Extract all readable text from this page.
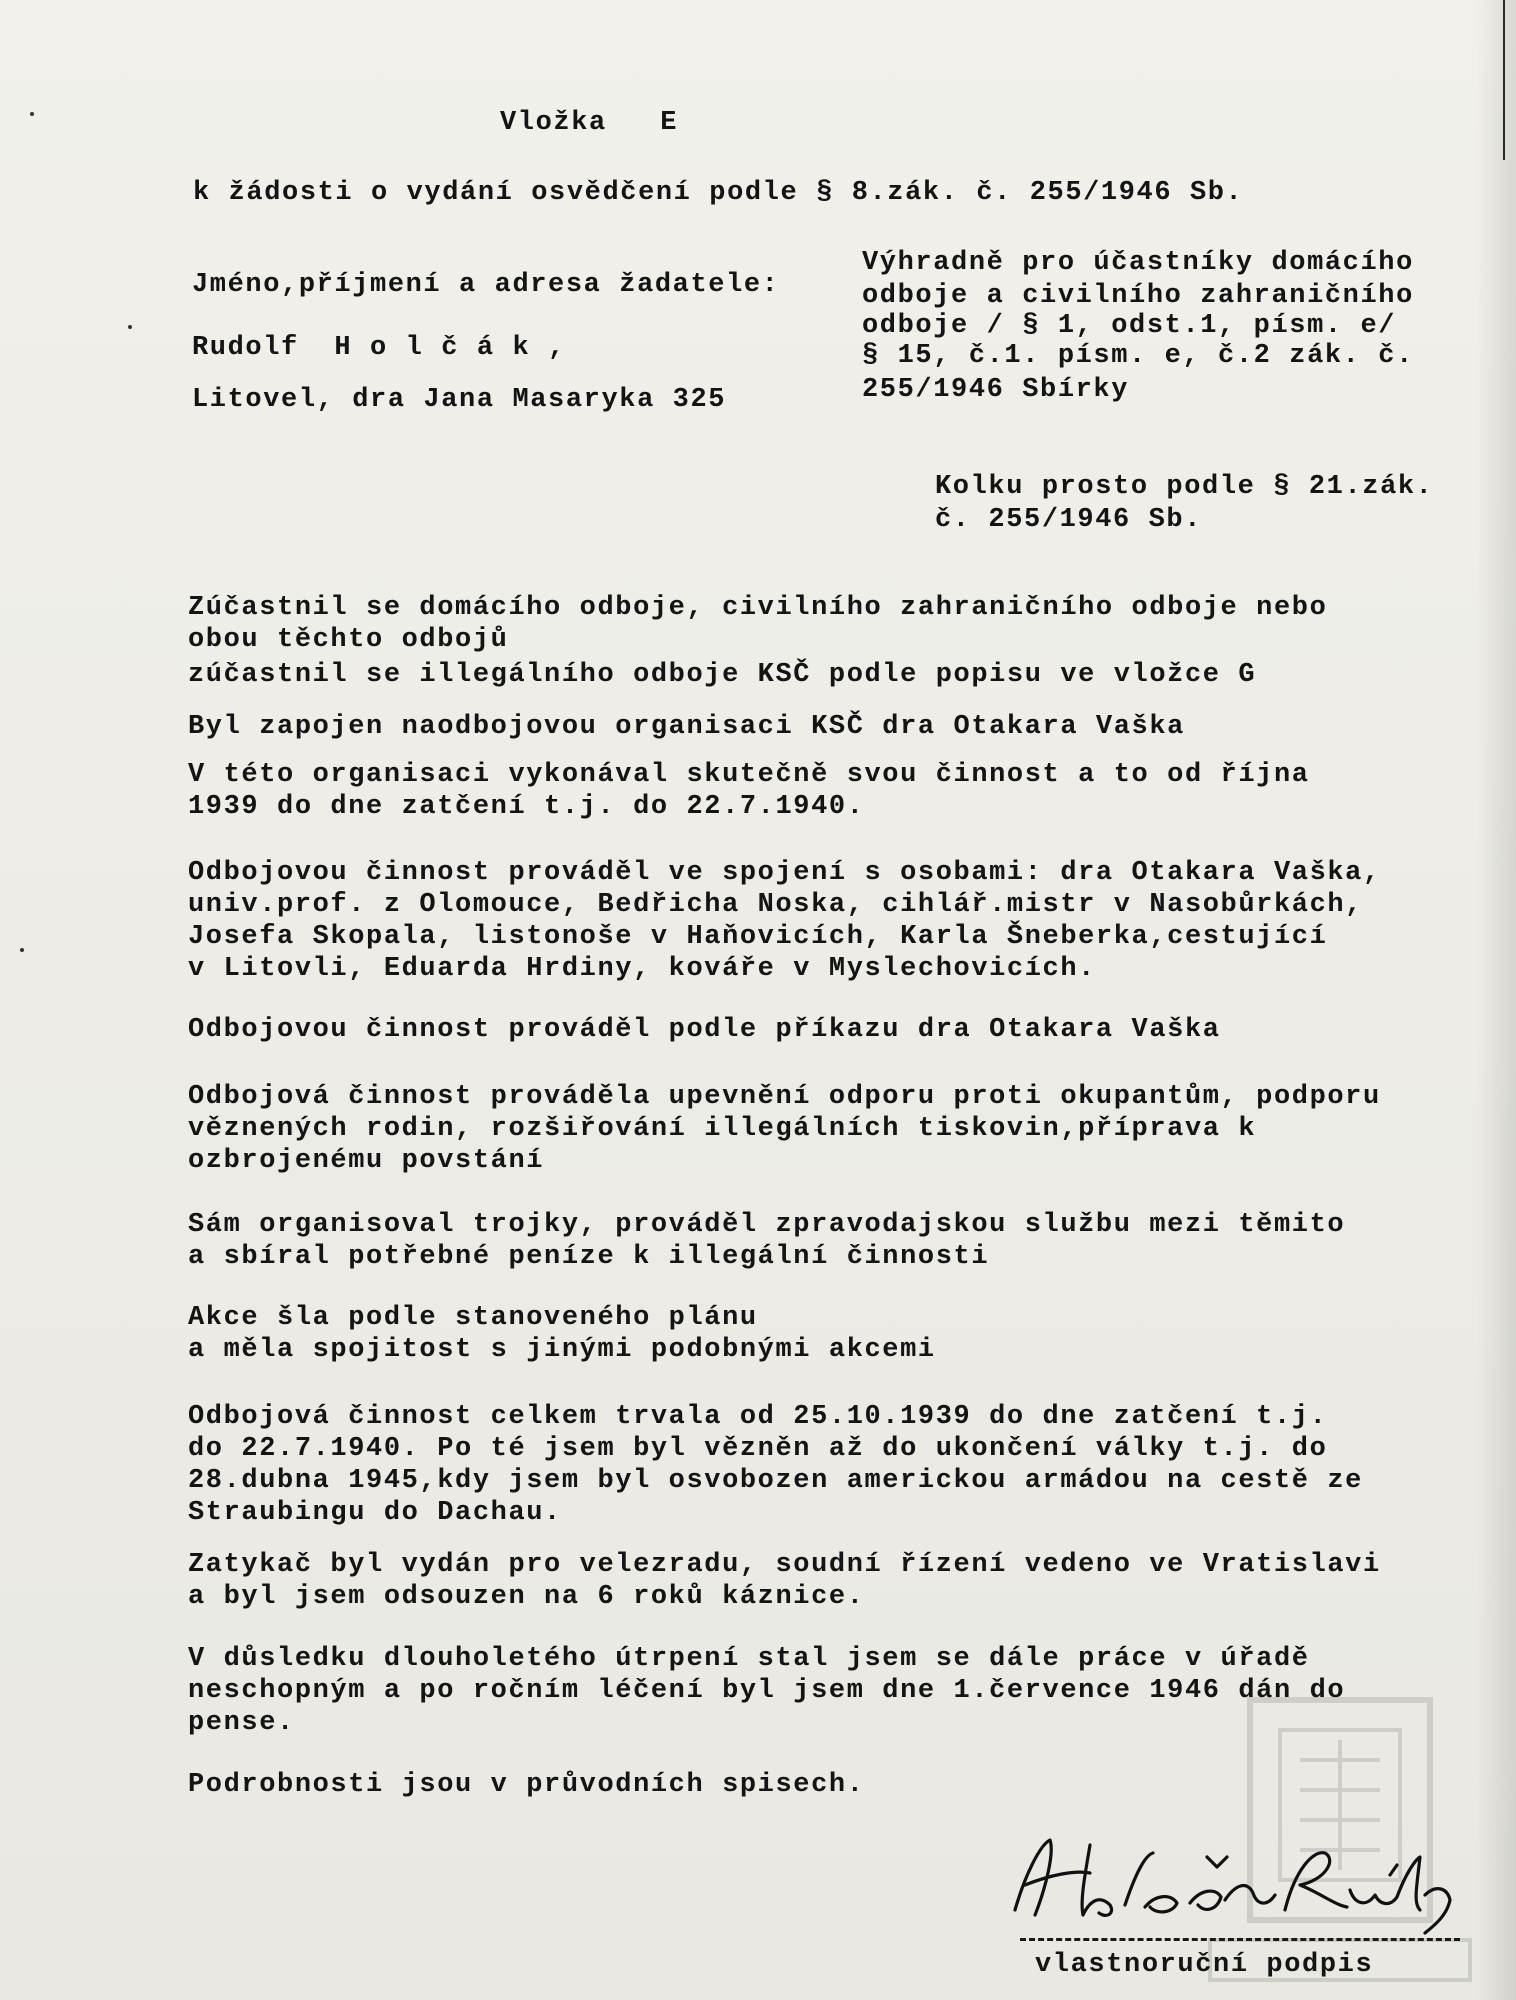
Vložka E
k žádosti o vydání osvědčení podle § 8.zák. č. 255/1946 Sb.
Jméno,příjmení a adresa žadatele:
Rudolf  H o l č á k ,
Litovel, dra Jana Masaryka 325
Výhradně pro účastníky domácího
odboje a civilního zahraničního
odboje / § 1, odst.1, písm. e/
§ 15, č.1. písm. e, č.2 zák. č.
255/1946 Sbírky
Kolku prosto podle § 21.zák.
č. 255/1946 Sb.
Zúčastnil se domácího odboje, civilního zahraničního odboje nebo
obou těchto odbojů
zúčastnil se illegálního odboje KSČ podle popisu ve vložce G
Byl zapojen naodbojovou organisaci KSČ dra Otakara Vaška
V této organisaci vykonával skutečně svou činnost a to od října
1939 do dne zatčení t.j. do 22.7.1940.
Odbojovou činnost prováděl ve spojení s osobami: dra Otakara Vaška,
univ.prof. z Olomouce, Bedřicha Noska, cihlář.mistr v Nasobůrkách,
Josefa Skopala, listonoše v Haňovicích, Karla Šneberka,cestující
v Litovli, Eduarda Hrdiny, kováře v Myslechovicích.
Odbojovou činnost prováděl podle příkazu dra Otakara Vaška
Odbojová činnost prováděla upevnění odporu proti okupantům, podporu
věznených rodin, rozšiřování illegálních tiskovin,příprava k
ozbrojenému povstání
Sám organisoval trojky, prováděl zpravodajskou službu mezi těmito
a sbíral potřebné peníze k illegální činnosti
Akce šla podle stanoveného plánu
a měla spojitost s jinými podobnými akcemi
Odbojová činnost celkem trvala od 25.10.1939 do dne zatčení t.j.
do 22.7.1940. Po té jsem byl vězněn až do ukončení války t.j. do
28.dubna 1945,kdy jsem byl osvobozen americkou armádou na cestě ze
Straubingu do Dachau.
Zatykač byl vydán pro velezradu, soudní řízení vedeno ve Vratislavi
a byl jsem odsouzen na 6 roků káznice.
V důsledku dlouholetého útrpení stal jsem se dále práce v úřadě
neschopným a po ročním léčení byl jsem dne 1.července 1946 dán do
pense.
Podrobnosti jsou v průvodních spisech.
vlastnoruční podpis
